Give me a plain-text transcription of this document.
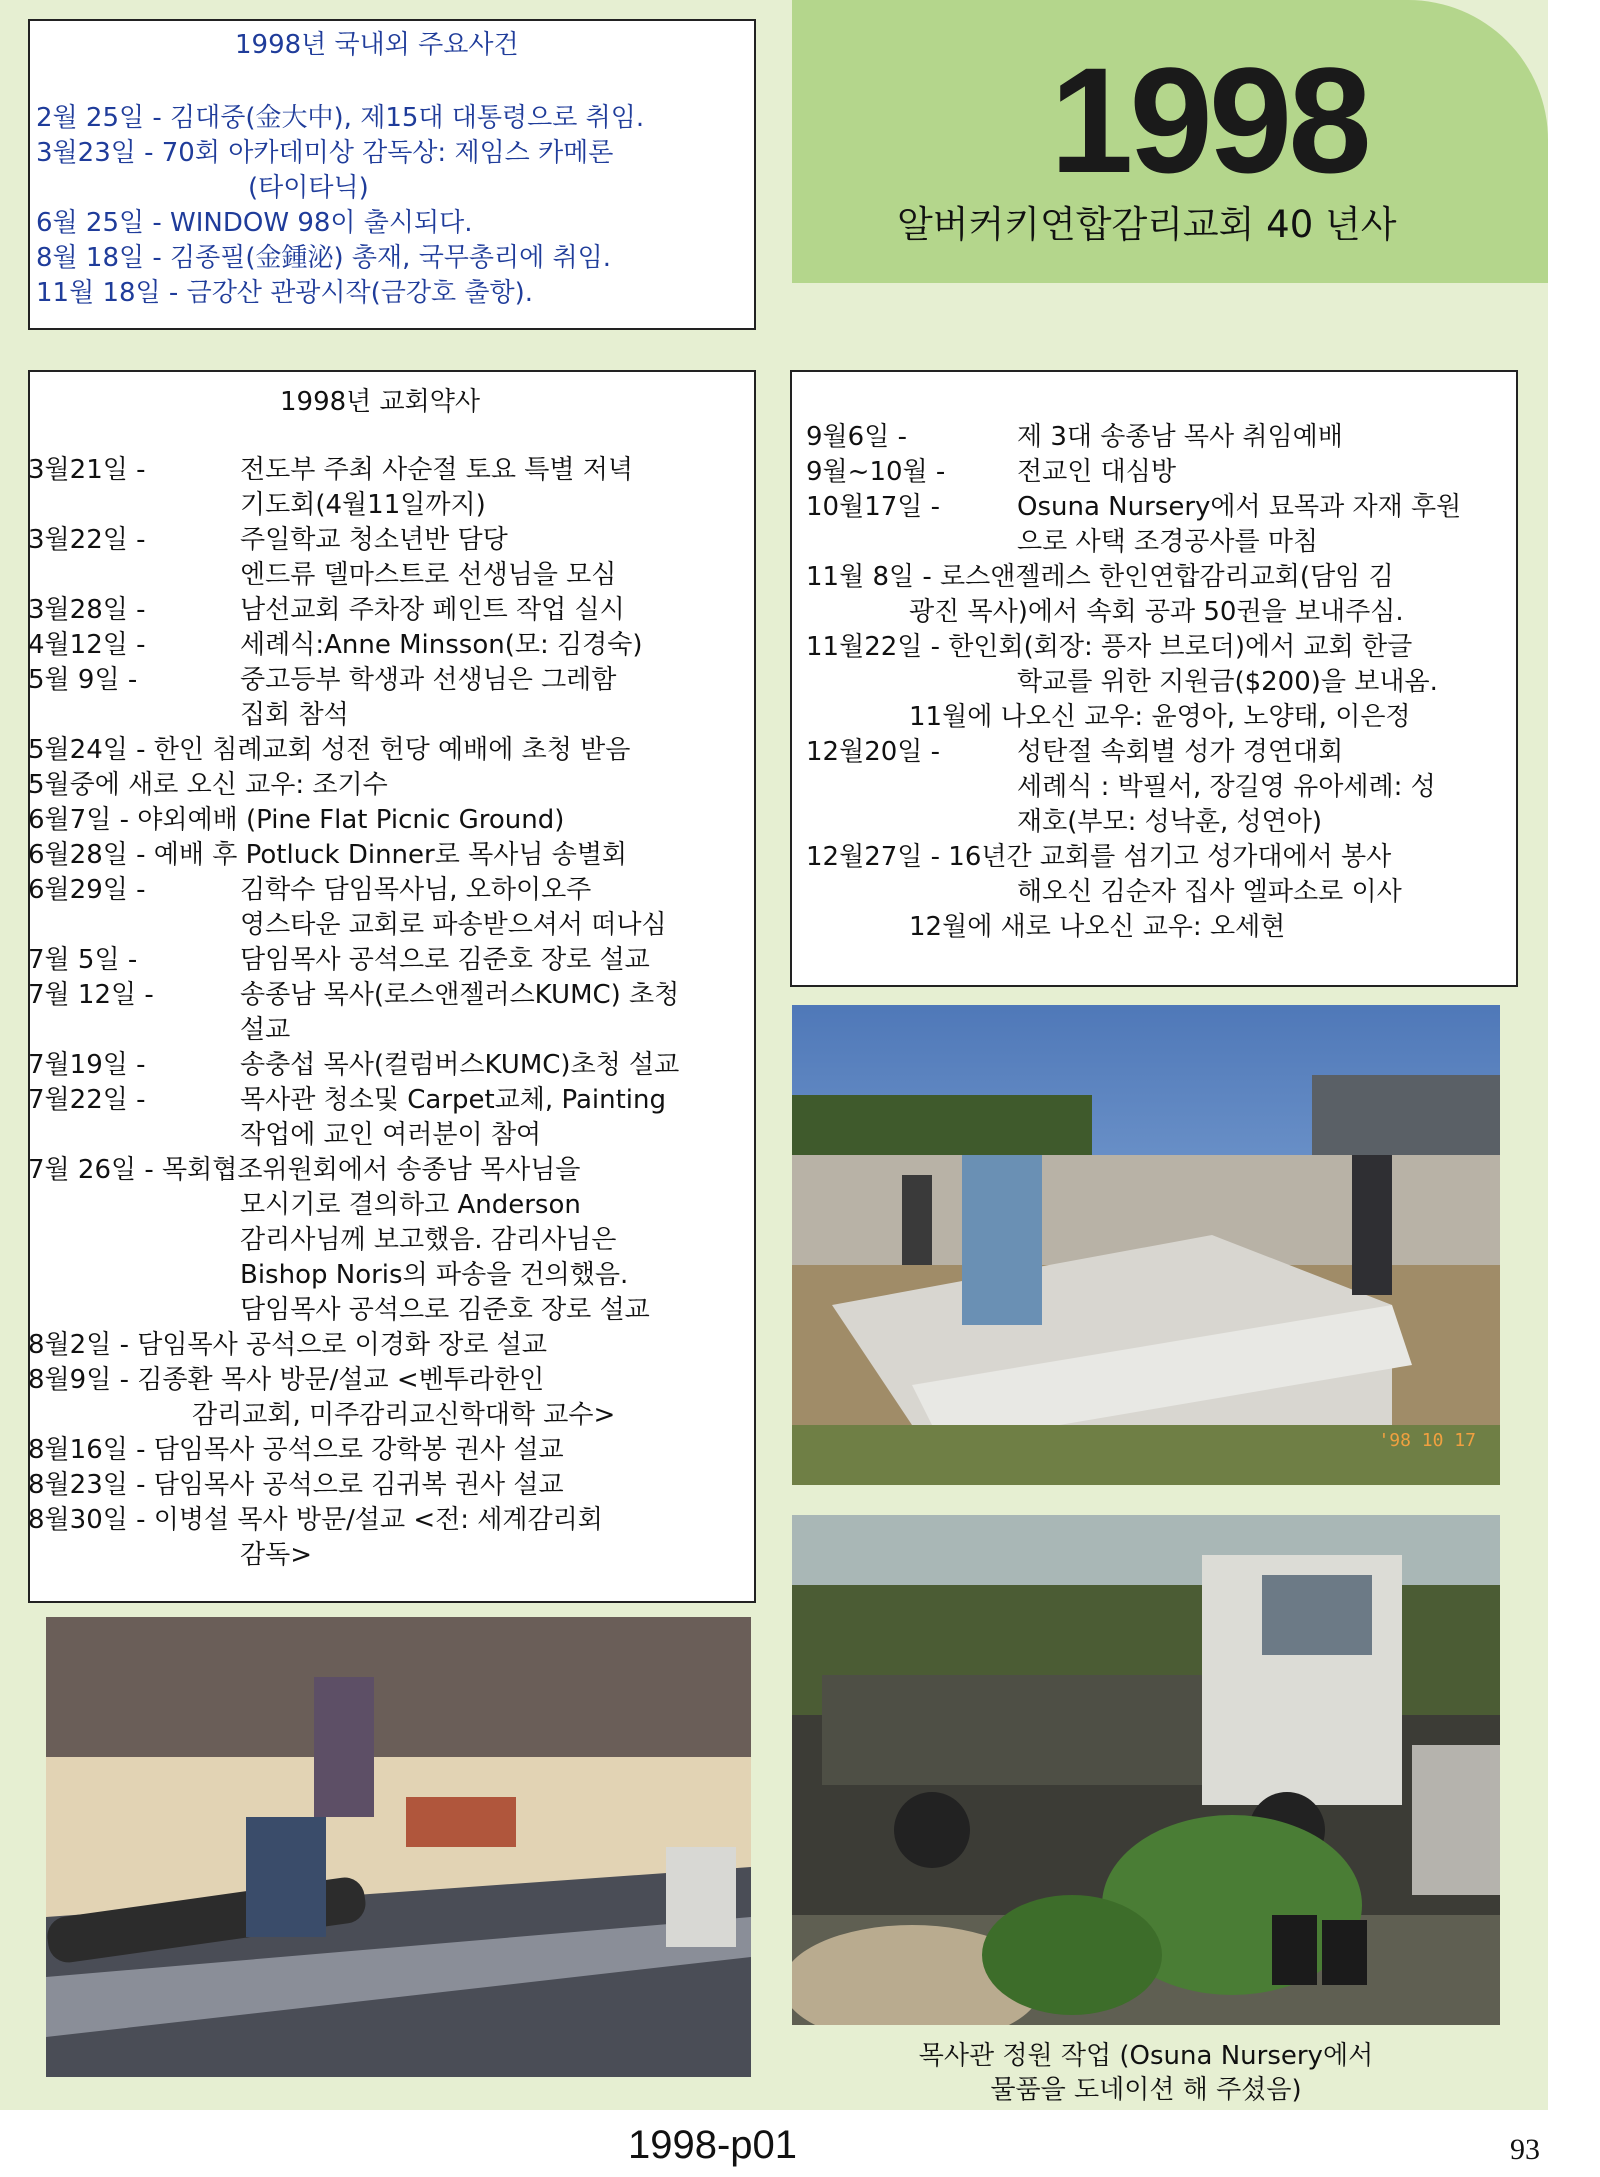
1998
알버커키연합감리교회 40 년사
1998년 국내외 주요사건
2월 25일 - 김대중(金大中), 제15대 대통령으로 취임.
3월23일 - 70회 아카데미상 감독상: 제임스 카메론
(타이타닉)
6월 25일 - WINDOW 98이 출시되다.
8월 18일 - 김종필(金鍾泌) 총재, 국무총리에 취임.
11월 18일 - 금강산 관광시작(금강호 출항).
1998년 교회약사
3월21일 -	전도부 주최 사순절 토요 특별 저녁
기도회(4월11일까지)
3월22일 -	주일학교 청소년반 담당
엔드류 델마스트로 선생님을 모심
3월28일 -	남선교회 주차장 페인트 작업 실시
4월12일 -	세례식:Anne Minsson(모: 김경숙)
5월 9일 -	중고등부 학생과 선생님은 그레함
집회 참석
5월24일 - 한인 침례교회 성전 헌당 예배에 초청 받음
5월중에 새로 오신 교우: 조기수
6월7일 - 야외예배 (Pine Flat Picnic Ground)
6월28일 - 예배 후 Potluck Dinner로 목사님 송별회
6월29일 -	김학수 담임목사님, 오하이오주
영스타운 교회로 파송받으셔서 떠나심
7월 5일 -	담임목사 공석으로 김준호 장로 설교
7월 12일 -	송종남 목사(로스앤젤러스KUMC) 초청
설교
7월19일 -	송충섭 목사(컬럼버스KUMC)초청 설교
7월22일 -	목사관 청소및 Carpet교체, Painting
작업에 교인 여러분이 참여
7월 26일 - 목회협조위원회에서 송종남 목사님을
모시기로 결의하고 Anderson
감리사님께 보고했음. 감리사님은
Bishop Noris의 파송을 건의했음.
담임목사 공석으로 김준호 장로 설교
8월2일 - 담임목사 공석으로 이경화 장로 설교
8월9일 - 김종환 목사 방문/설교 <벤투라한인
감리교회, 미주감리교신학대학 교수>
8월16일 - 담임목사 공석으로 강학봉 권사 설교
8월23일 - 담임목사 공석으로 김귀복 권사 설교
8월30일 - 이병설 목사 방문/설교 <전: 세계감리회
감독>
9월6일 -	제 3대 송종남 목사 취임예배
9월~10월 -	전교인 대심방
10월17일 -	Osuna Nursery에서 묘목과 자재 후원
으로 사택 조경공사를 마침
11월 8일 - 로스앤젤레스 한인연합감리교회(담임 김
광진 목사)에서 속회 공과 50권을 보내주심.
11월22일 - 한인회(회장: 픙자 브로더)에서 교회 한글
학교를 위한 지원금($200)을 보내옴.
11월에 나오신 교우: 윤영아, 노양태, 이은정
12월20일 -	성탄절 속회별 성가 경연대회
세례식 : 박필서, 장길영 유아세례: 성
재호(부모: 성낙훈, 성연아)
12월27일 - 16년간 교회를 섬기고 성가대에서 봉사
해오신 김순자 집사 엘파소로 이사
12월에 새로 나오신 교우: 오세현
'98 10 17
목사관 정원 작업 (Osuna Nursery에서
물품을 도네이션 해 주셨음)
1998-p01	93
